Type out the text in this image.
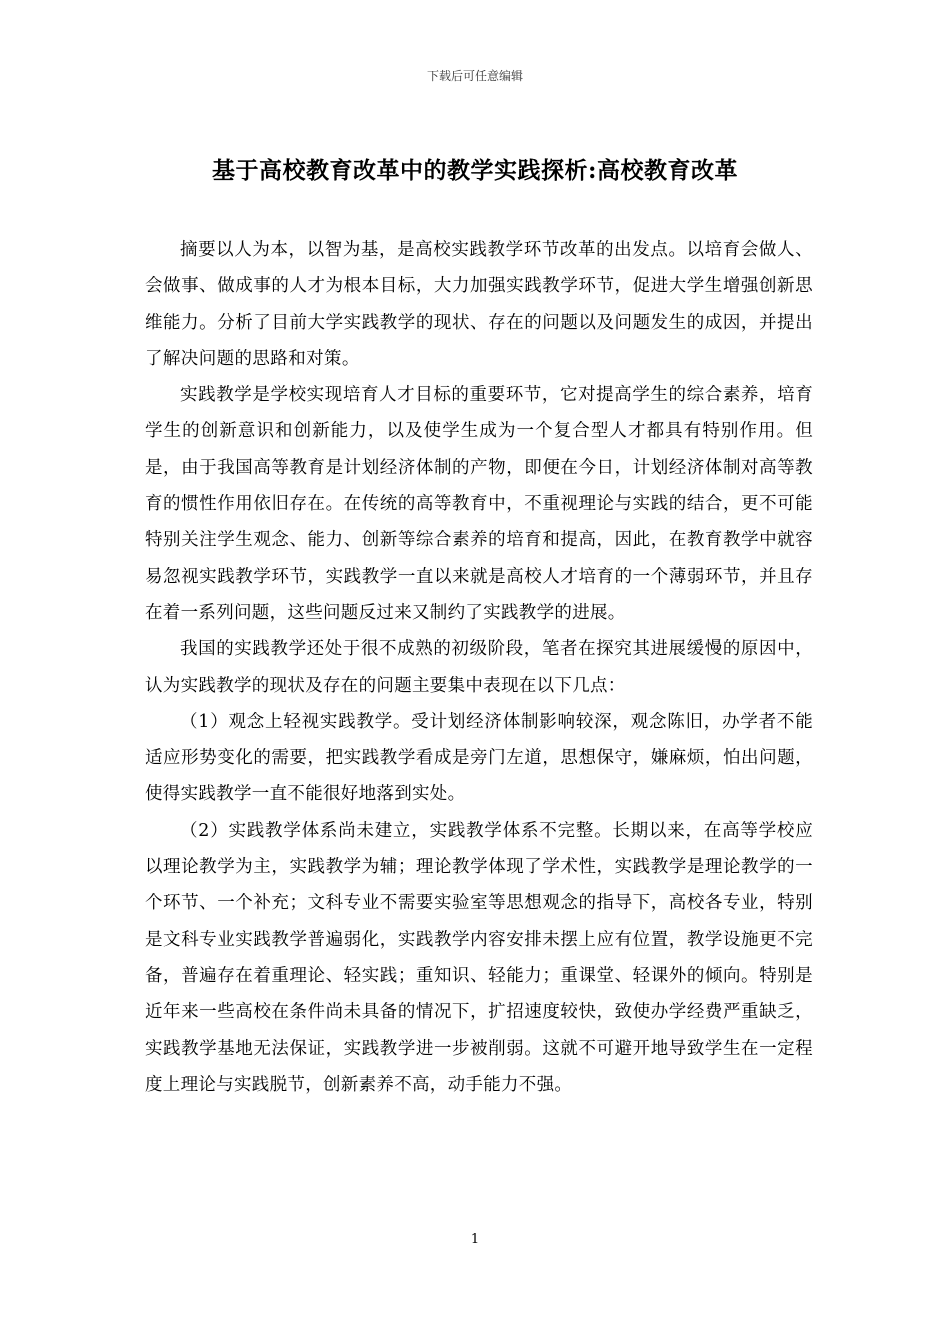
下载后可任意编辑
基于高校教育改革中的教学实践探析:高校教育改革

摘要以人为本，以智为基，是高校实践教学环节改革的出发点。以培育会做人、会做事、做成事的人才为根本目标，大力加强实践教学环节，促进大学生增强创新思维能力。分析了目前大学实践教学的现状、存在的问题以及问题发生的成因，并提出了解决问题的思路和对策。

实践教学是学校实现培育人才目标的重要环节，它对提高学生的综合素养，培育学生的创新意识和创新能力，以及使学生成为一个复合型人才都具有特别作用。但是，由于我国高等教育是计划经济体制的产物，即便在今日，计划经济体制对高等教育的惯性作用依旧存在。在传统的高等教育中，不重视理论与实践的结合，更不可能特别关注学生观念、能力、创新等综合素养的培育和提高，因此，在教育教学中就容易忽视实践教学环节，实践教学一直以来就是高校人才培育的一个薄弱环节，并且存在着一系列问题，这些问题反过来又制约了实践教学的进展。

我国的实践教学还处于很不成熟的初级阶段，笔者在探究其进展缓慢的原因中，认为实践教学的现状及存在的问题主要集中表现在以下几点：

（1）观念上轻视实践教学。受计划经济体制影响较深，观念陈旧，办学者不能适应形势变化的需要，把实践教学看成是旁门左道，思想保守，嫌麻烦，怕出问题，使得实践教学一直不能很好地落到实处。

（2）实践教学体系尚未建立，实践教学体系不完整。长期以来，在高等学校应以理论教学为主，实践教学为辅；理论教学体现了学术性，实践教学是理论教学的一个环节、一个补充；文科专业不需要实验室等思想观念的指导下，高校各专业，特别是文科专业实践教学普遍弱化，实践教学内容安排未摆上应有位置，教学设施更不完备，普遍存在着重理论、轻实践；重知识、轻能力；重课堂、轻课外的倾向。特别是近年来一些高校在条件尚未具备的情况下，扩招速度较快，致使办学经费严重缺乏，实践教学基地无法保证，实践教学进一步被削弱。这就不可避开地导致学生在一定程度上理论与实践脱节，创新素养不高，动手能力不强。

1
